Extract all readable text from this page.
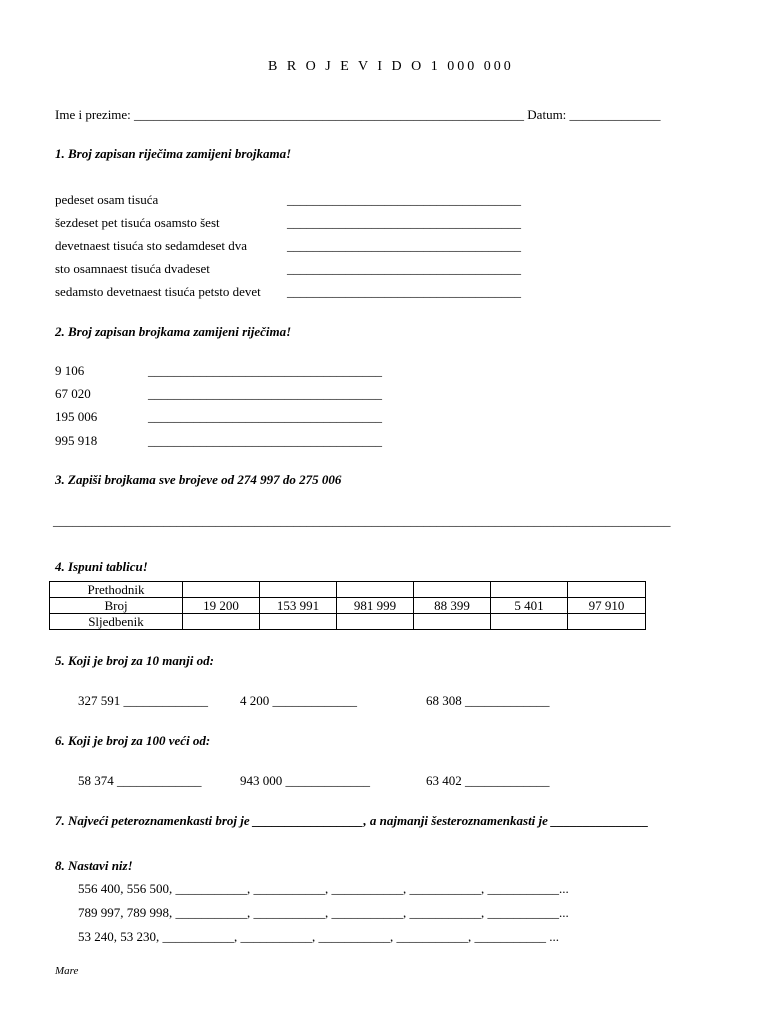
B R O J E V I D O 1 000 000
Ime i prezime: ____________________________________________________________ Datum: ______________
1. Broj zapisan riječima zamijeni brojkama!
pedeset osam tisuća	____________________________________
šezdeset pet tisuća osamsto šest	____________________________________
devetnaest tisuća sto sedamdeset dva	____________________________________
sto osamnaest tisuća dvadeset	____________________________________
sedamsto devetnaest tisuća petsto devet ____________________________________
2. Broj zapisan brojkama zamijeni riječima!
9 106	____________________________________
67 020	____________________________________
195 006	____________________________________
995 918	____________________________________
3. Zapiši brojkama sve brojeve od 274 997 do 275 006
_______________________________________________________________________________________________
4. Ispuni tablicu!
Prethodnik						
Broj	19 200	153 991	981 999	88 399	5 401	97 910
Sljedbenik						
5. Koji je broj za 10 manji od:
327 591 _____________ 4 200 _____________	68 308 _____________
6. Koji je broj za 100 veći od:
58 374 _____________	943 000 _____________	63 402 _____________
7. Najveći peteroznamenkasti broj je _________________, a najmanji šesteroznamenkasti je _______________
8. Nastavi niz!
556 400, 556 500, ___________, ___________, ___________, ___________, ___________...
789 997, 789 998, ___________, ___________, ___________, ___________, ___________...
53 240, 53 230, ___________, ___________, ___________, ___________, ___________ ...
Mare
